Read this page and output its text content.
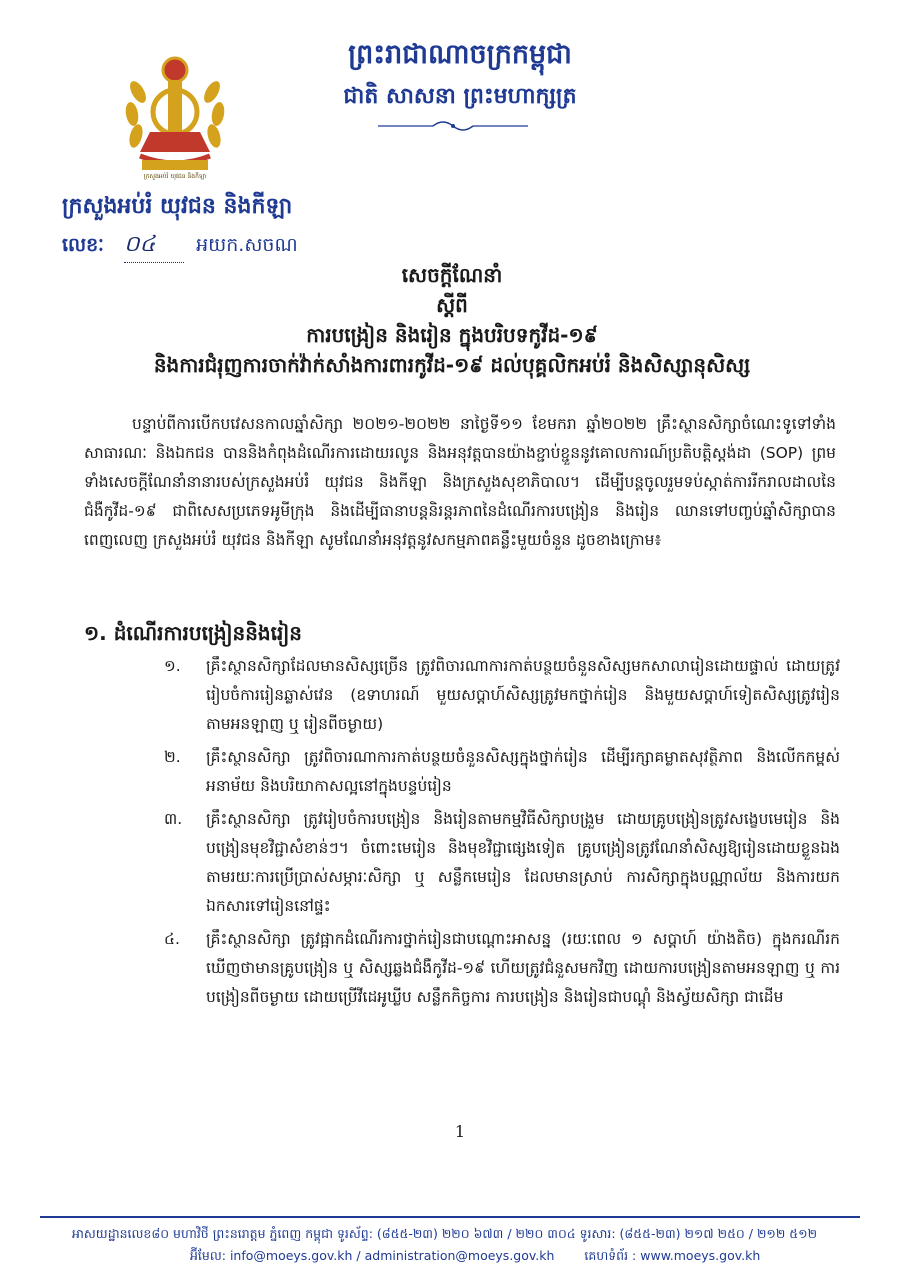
ក្រសួងអប់រំ យុវជន និងកីឡា
ព្រះរាជាណាចក្រកម្ពុជា
ជាតិ សាសនា ព្រះមហាក្សត្រ
ក្រសួងអប់រំ យុវជន និងកីឡា
លេខៈ ០៤ អយក.សចណ
សេចក្តីណែនាំ
ស្តីពី
ការបង្រៀន និងរៀន ក្នុងបរិបទកូវីដ-១៩
និងការជំរុញការចាក់វ៉ាក់សាំងការពារកូវីដ-១៩ ដល់បុគ្គលិកអប់រំ និងសិស្សានុសិស្ស
បន្ទាប់ពីការបើកបវេសនកាលឆ្នាំសិក្សា ២០២១-២០២២ នាថ្ងៃទី១១ ខែមករា ឆ្នាំ២០២២ គ្រឹះស្ថានសិក្សាចំណេះទូទៅទាំងសាធារណៈ និងឯកជន បាននិងកំពុងដំណើរការដោយរលូន និងអនុវត្តបានយ៉ាងខ្ជាប់ខ្ជួននូវគោលការណ៍ប្រតិបត្តិស្តង់ដា (SOP) ព្រមទាំងសេចក្តីណែនាំនានារបស់ក្រសួងអប់រំ យុវជន និងកីឡា និងក្រសួងសុខាភិបាល។ ដើម្បីបន្តចូលរួមទប់ស្កាត់ការរីករាលដាលនៃជំងឺកូវីដ-១៩ ជាពិសេសប្រភេទអូមីក្រុង និងដើម្បីធានាបន្តនិរន្តរភាពនៃដំណើរការបង្រៀន និងរៀន ឈានទៅបញ្ចប់ឆ្នាំសិក្សាបានពេញលេញ ក្រសួងអប់រំ យុវជន និងកីឡា សូមណែនាំអនុវត្តនូវសកម្មភាពគន្លឹះមួយចំនួន ដូចខាងក្រោម៖
១. ដំណើរការបង្រៀននិងរៀន
១. គ្រឹះស្ថានសិក្សាដែលមានសិស្សច្រើន ត្រូវពិចារណាការកាត់បន្ថយចំនួនសិស្សមកសាលារៀនដោយផ្ទាល់ ដោយត្រូវរៀបចំការរៀនឆ្លាស់វេន (ឧទាហរណ៍ មួយសប្តាហ៍សិស្សត្រូវមកថ្នាក់រៀន និងមួយសប្តាហ៍ទៀតសិស្សត្រូវរៀនតាមអនឡាញ ឬ រៀនពីចម្ងាយ)
២. គ្រឹះស្ថានសិក្សា ត្រូវពិចារណាការកាត់បន្ថយចំនួនសិស្សក្នុងថ្នាក់រៀន ដើម្បីរក្សាគម្លាតសុវត្ថិភាព និងលើកកម្ពស់អនាម័យ និងបរិយាកាសល្អនៅក្នុងបន្ទប់រៀន
៣. គ្រឹះស្ថានសិក្សា ត្រូវរៀបចំការបង្រៀន និងរៀនតាមកម្មវិធីសិក្សាបង្រួម ដោយគ្រូបង្រៀនត្រូវសង្ខេបមេរៀន និងបង្រៀនមុខវិជ្ជាសំខាន់ៗ។ ចំពោះមេរៀន និងមុខវិជ្ជាផ្សេងទៀត គ្រូបង្រៀនត្រូវណែនាំសិស្សឱ្យរៀនដោយខ្លួនឯង តាមរយៈការប្រើប្រាស់សម្ភារៈសិក្សា ឬ សន្លឹកមេរៀន ដែលមានស្រាប់ ការសិក្សាក្នុងបណ្ណាល័យ និងការយកឯកសារទៅរៀននៅផ្ទះ
៤. គ្រឹះស្ថានសិក្សា ត្រូវផ្អាកដំណើរការថ្នាក់រៀនជាបណ្តោះអាសន្ន (រយៈពេល ១ សប្តាហ៍ យ៉ាងតិច) ក្នុងករណីរកឃើញថាមានគ្រូបង្រៀន ឬ សិស្សឆ្លងជំងឺកូវីដ-១៩ ហើយត្រូវជំនួសមកវិញ ដោយការបង្រៀនតាមអនឡាញ ឬ ការបង្រៀនពីចម្ងាយ ដោយប្រើវីដេអូឃ្លីប សន្លឹកកិច្ចការ ការបង្រៀន និងរៀនជាបណ្តុំ និងស្វ័យសិក្សា ជាដើម
1
អាសយដ្ឋានលេខ៨០ មហាវិថី ព្រះនរោត្តម ភ្នំពេញ កម្ពុជា ទូរស័ព្ទ: (៨៥៥-២៣) ២២០ ៦៧៣ / ២២០ ៣០៤ ទូរសារ: (៨៥៥-២៣) ២១៧ ២៥០ / ២១២ ៥១២
អ៊ីមែល: info@moeys.gov.kh / administration@moeys.gov.kh គេហទំព័រ : www.moeys.gov.kh
